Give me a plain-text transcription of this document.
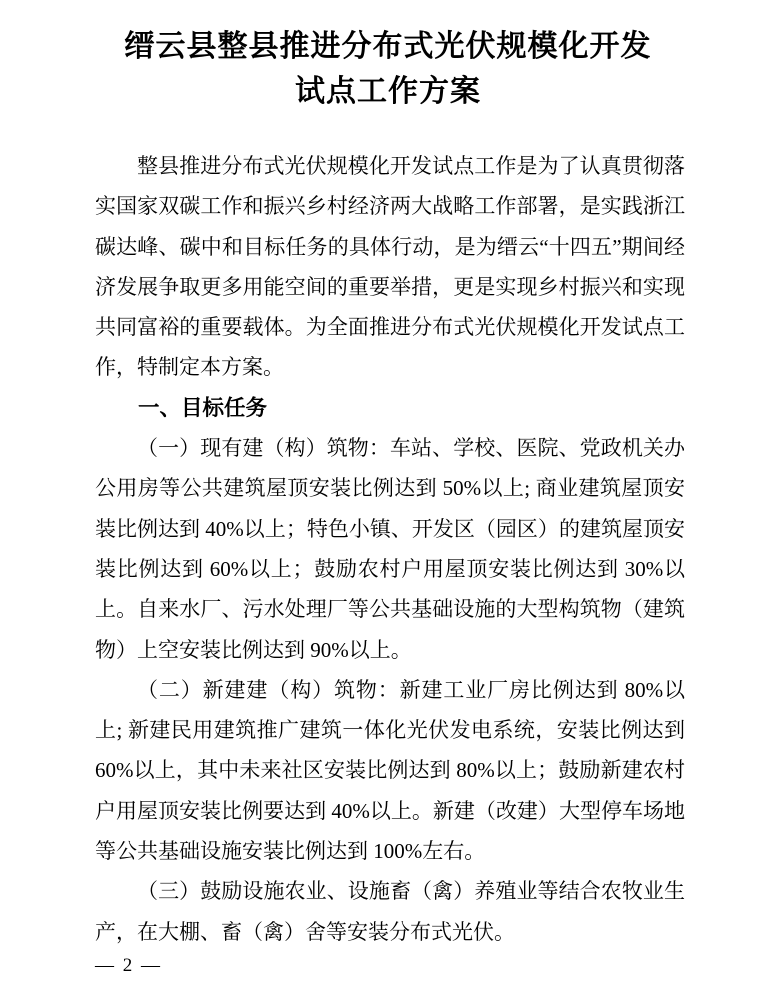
缙云县整县推进分布式光伏规模化开发
试点工作方案

整县推进分布式光伏规模化开发试点工作是为了认真贯彻落实国家双碳工作和振兴乡村经济两大战略工作部署，是实践浙江碳达峰、碳中和目标任务的具体行动，是为缙云“十四五”期间经济发展争取更多用能空间的重要举措，更是实现乡村振兴和实现共同富裕的重要载体。为全面推进分布式光伏规模化开发试点工作，特制定本方案。

一、目标任务

（一）现有建（构）筑物：车站、学校、医院、党政机关办公用房等公共建筑屋顶安装比例达到 50%以上; 商业建筑屋顶安装比例达到 40%以上；特色小镇、开发区（园区）的建筑屋顶安装比例达到 60%以上；鼓励农村户用屋顶安装比例达到 30%以上。自来水厂、污水处理厂等公共基础设施的大型构筑物（建筑物）上空安装比例达到 90%以上。

（二）新建建（构）筑物：新建工业厂房比例达到 80%以上; 新建民用建筑推广建筑一体化光伏发电系统，安装比例达到 60%以上，其中未来社区安装比例达到 80%以上；鼓励新建农村户用屋顶安装比例要达到 40%以上。新建（改建）大型停车场地等公共基础设施安装比例达到 100%左右。

（三）鼓励设施农业、设施畜（禽）养殖业等结合农牧业生产，在大棚、畜（禽）舍等安装分布式光伏。

— 2 —
